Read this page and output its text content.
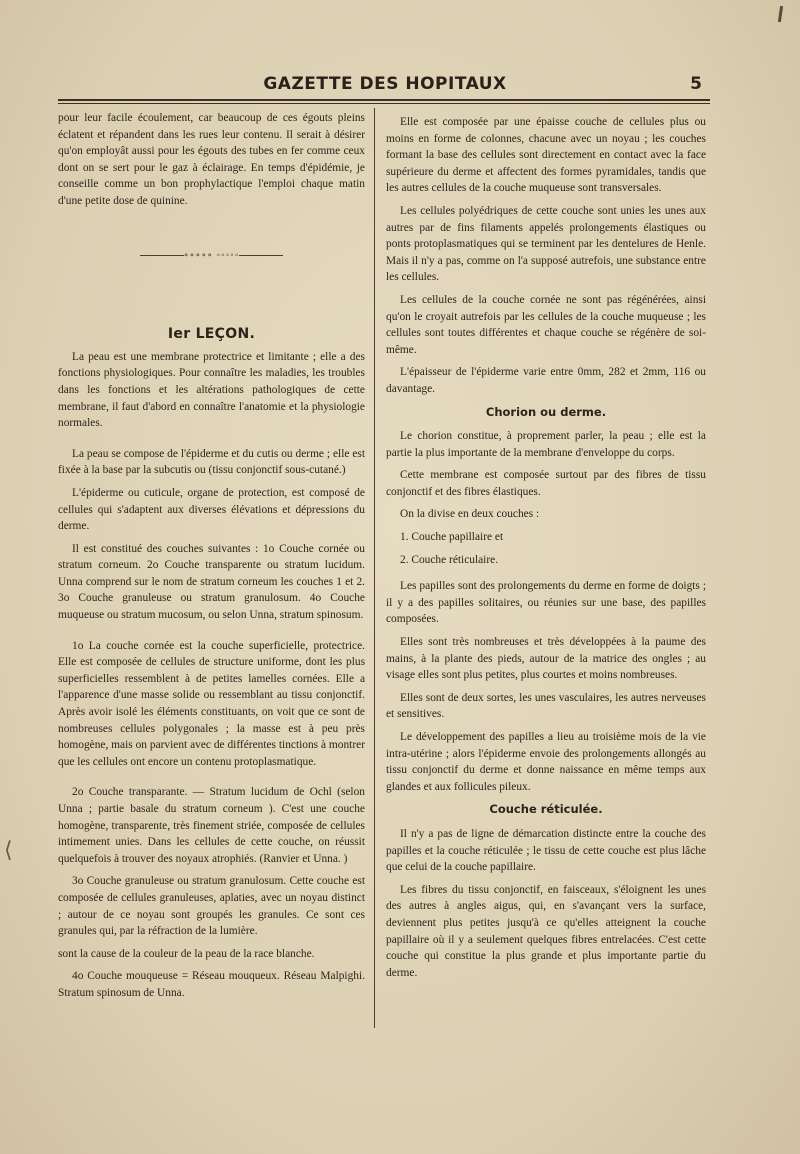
GAZETTE DES HOPITAUX	5

pour leur facile écoulement, car beaucoup de ces égouts pleins éclatent et répandent dans les rues leur contenu. Il serait à désirer qu'on employât aussi pour les égouts des tubes en fer comme ceux dont on se sert pour le gaz à éclairage. En temps d'épidémie, je conseille comme un bon prophylactique l'emploi chaque matin d'une petite dose de quinine.

∘∘∘∘∘ ◦◦◦◦◦
Ier LEÇON.

La peau est une membrane protectrice et limitante ; elle a des fonctions physiologiques. Pour connaître les maladies, les troubles dans les fonctions et les altérations pathologiques de cette membrane, il faut d'abord en connaître l'anatomie et la physiologie normales.

La peau se compose de l'épiderme et du cutis ou derme ; elle est fixée à la base par la subcutis ou (tissu conjonctif sous-cutané.)

L'épiderme ou cuticule, organe de protection, est composé de cellules qui s'adaptent aux diverses élévations et dépressions du derme.

Il est constitué des couches suivantes : 1o Couche cornée ou stratum corneum. 2o Couche transparente ou stratum lucidum. Unna comprend sur le nom de stratum corneum les couches 1 et 2. 3o Couche granuleuse ou stratum granulosum. 4o Couche muqueuse ou stratum mucosum, ou selon Unna, stratum spinosum.

1o La couche cornée est la couche superficielle, protectrice. Elle est composée de cellules de structure uniforme, dont les plus superficielles ressemblent à de petites lamelles cornées. Elle a l'apparence d'une masse solide ou ressemblant au tissu conjonctif. Après avoir isolé les éléments constituants, on voit que ce sont de nombreuses cellules polygonales ; la masse est à peu près homogène, mais on parvient avec de différentes tinctions à montrer que les cellules ont encore un contenu protoplasmatique.

2o Couche transparante. — Stratum lucidum de Ochl (selon Unna ; partie basale du stratum corneum ). C'est une couche homogène, transparente, très finement striée, composée de cellules intimement unies. Dans les cellules de cette couche, on réussit quelquefois à trouver des noyaux atrophiés. (Ranvier et Unna. )

3o Couche granuleuse ou stratum granulosum. Cette couche est composée de cellules granuleuses, aplaties, avec un noyau distinct ; autour de ce noyau sont groupés les granules. Ce sont ces granules qui, par la réfraction de la lumière.

sont la cause de la couleur de la peau de la race blanche.

4o Couche mouqueuse = Réseau mouqueux. Réseau Malpighi. Stratum spinosum de Unna.

Elle est composée par une épaisse couche de cellules plus ou moins en forme de colonnes, chacune avec un noyau ; les couches formant la base des cellules sont directement en contact avec la face supérieure du derme et affectent des formes pyramidales, tandis que les autres cellules de la couche muqueuse sont transversales.

Les cellules polyédriques de cette couche sont unies les unes aux autres par de fins filaments appelés prolongements élastiques ou ponts protoplasmatiques qui se terminent par les dentelures de Henle. Mais il n'y a pas, comme on l'a supposé autrefois, une substance entre les cellules.

Les cellules de la couche cornée ne sont pas régénérées, ainsi qu'on le croyait autrefois par les cellules de la couche muqueuse ; les cellules sont toutes différentes et chaque couche se régénère de soi-même.

L'épaisseur de l'épiderme varie entre 0mm, 282 et 2mm, 116 ou davantage.

Chorion ou derme.

Le chorion constitue, à proprement parler, la peau ; elle est la partie la plus importante de la membrane d'enveloppe du corps.

Cette membrane est composée surtout par des fibres de tissu conjonctif et des fibres élastiques.

On la divise en deux couches :

1. Couche papillaire et

2. Couche réticulaire.

Les papilles sont des prolongements du derme en forme de doigts ; il y a des papilles solitaires, ou réunies sur une base, des papilles composées.

Elles sont très nombreuses et très développées à la paume des mains, à la plante des pieds, autour de la matrice des ongles ; au visage elles sont plus petites, plus courtes et moins nombreuses.

Elles sont de deux sortes, les unes vasculaires, les autres nerveuses et sensitives.

Le développement des papilles a lieu au troisième mois de la vie intra-utérine ; alors l'épiderme envoie des prolongements allongés au tissu conjonctif du derme et donne naissance en même temps aux glandes et aux follicules pileux.

Couche réticulée.

Il n'y a pas de ligne de démarcation distincte entre la couche des papilles et la couche réticulée ; le tissu de cette couche est plus lâche que celui de la couche papillaire.

Les fibres du tissu conjonctif, en faisceaux, s'éloignent les unes des autres à angles aigus, qui, en s'avançant vers la surface, deviennent plus petites jusqu'à ce qu'elles atteignent la couche papillaire où il y a seulement quelques fibres entrelacées. C'est cette couche qui constitue la plus grande et plus importante partie du derme.

⟨
